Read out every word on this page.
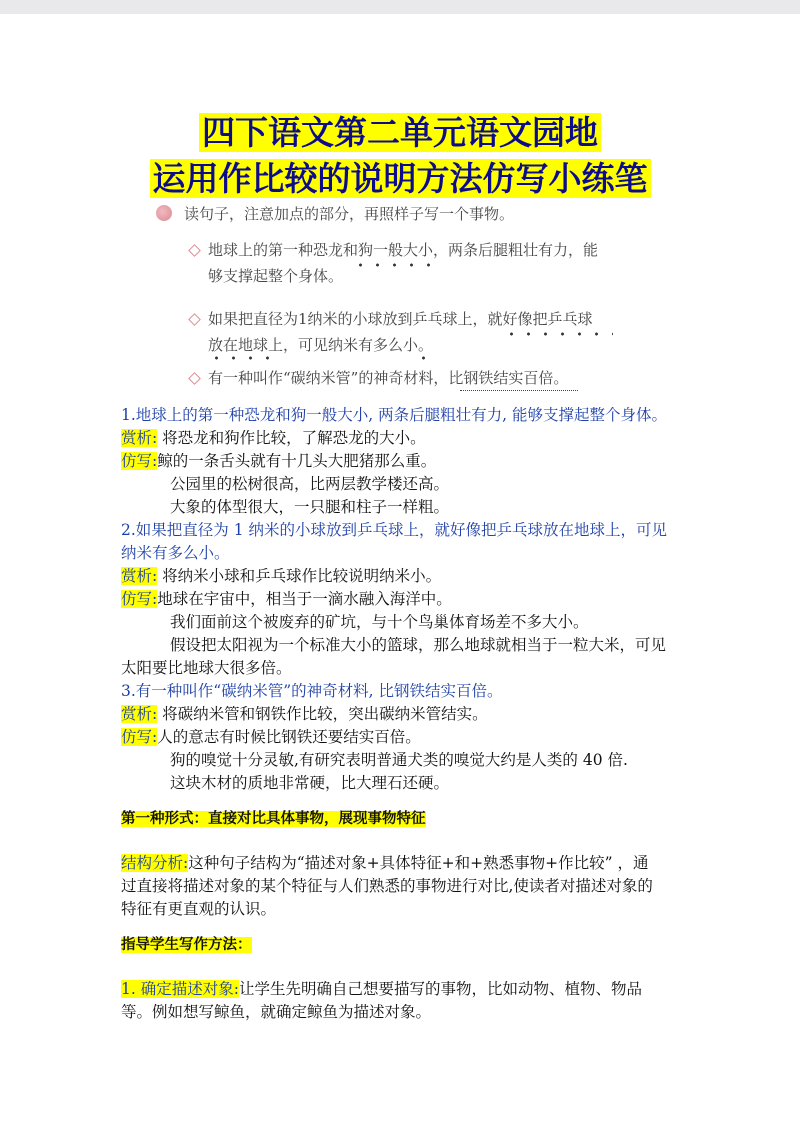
四下语文第二单元语文园地
运用作比较的说明方法仿写小练笔
读句子，注意加点的部分，再照样子写一个事物。
地球上的第一种恐龙和狗一般大小，两条后腿粗壮有力，能
够支撑起整个身体。
如果把直径为1纳米的小球放到乒乓球上，就好像把乒乓球
放在地球上，可见纳米有多么小。
有一种叫作“碳纳米管”的神奇材料，比钢铁结实百倍。
1.地球上的第一种恐龙和狗一般大小, 两条后腿粗壮有力, 能够支撑起整个身体。
赏析: 将恐龙和狗作比较，了解恐龙的大小。
仿写:鲸的一条舌头就有十几头大肥猪那么重。
公园里的松树很高，比两层教学楼还高。
大象的体型很大，一只腿和柱子一样粗。
2.如果把直径为 1 纳米的小球放到乒乓球上，就好像把乒乓球放在地球上，可见
纳米有多么小。
赏析: 将纳米小球和乒乓球作比较说明纳米小。
仿写:地球在宇宙中，相当于一滴水融入海洋中。
我们面前这个被废弃的矿坑，与十个鸟巢体育场差不多大小。
假设把太阳视为一个标准大小的篮球，那么地球就相当于一粒大米，可见
太阳要比地球大很多倍。
3.有一种叫作“碳纳米管”的神奇材料, 比钢铁结实百倍。
赏析: 将碳纳米管和钢铁作比较，突出碳纳米管结实。
仿写:人的意志有时候比钢铁还要结实百倍。
狗的嗅觉十分灵敏,有研究表明普通犬类的嗅觉大约是人类的 40 倍.
这块木材的质地非常硬，比大理石还硬。
第一种形式：直接对比具体事物，展现事物特征
结构分析:这种句子结构为“描述对象+具体特征+和+熟悉事物+作比较” ，通
过直接将描述对象的某个特征与人们熟悉的事物进行对比,使读者对描述对象的
特征有更直观的认识。
指导学生写作方法：
1. 确定描述对象:让学生先明确自己想要描写的事物，比如动物、植物、物品
等。例如想写鲸鱼，就确定鲸鱼为描述对象。
